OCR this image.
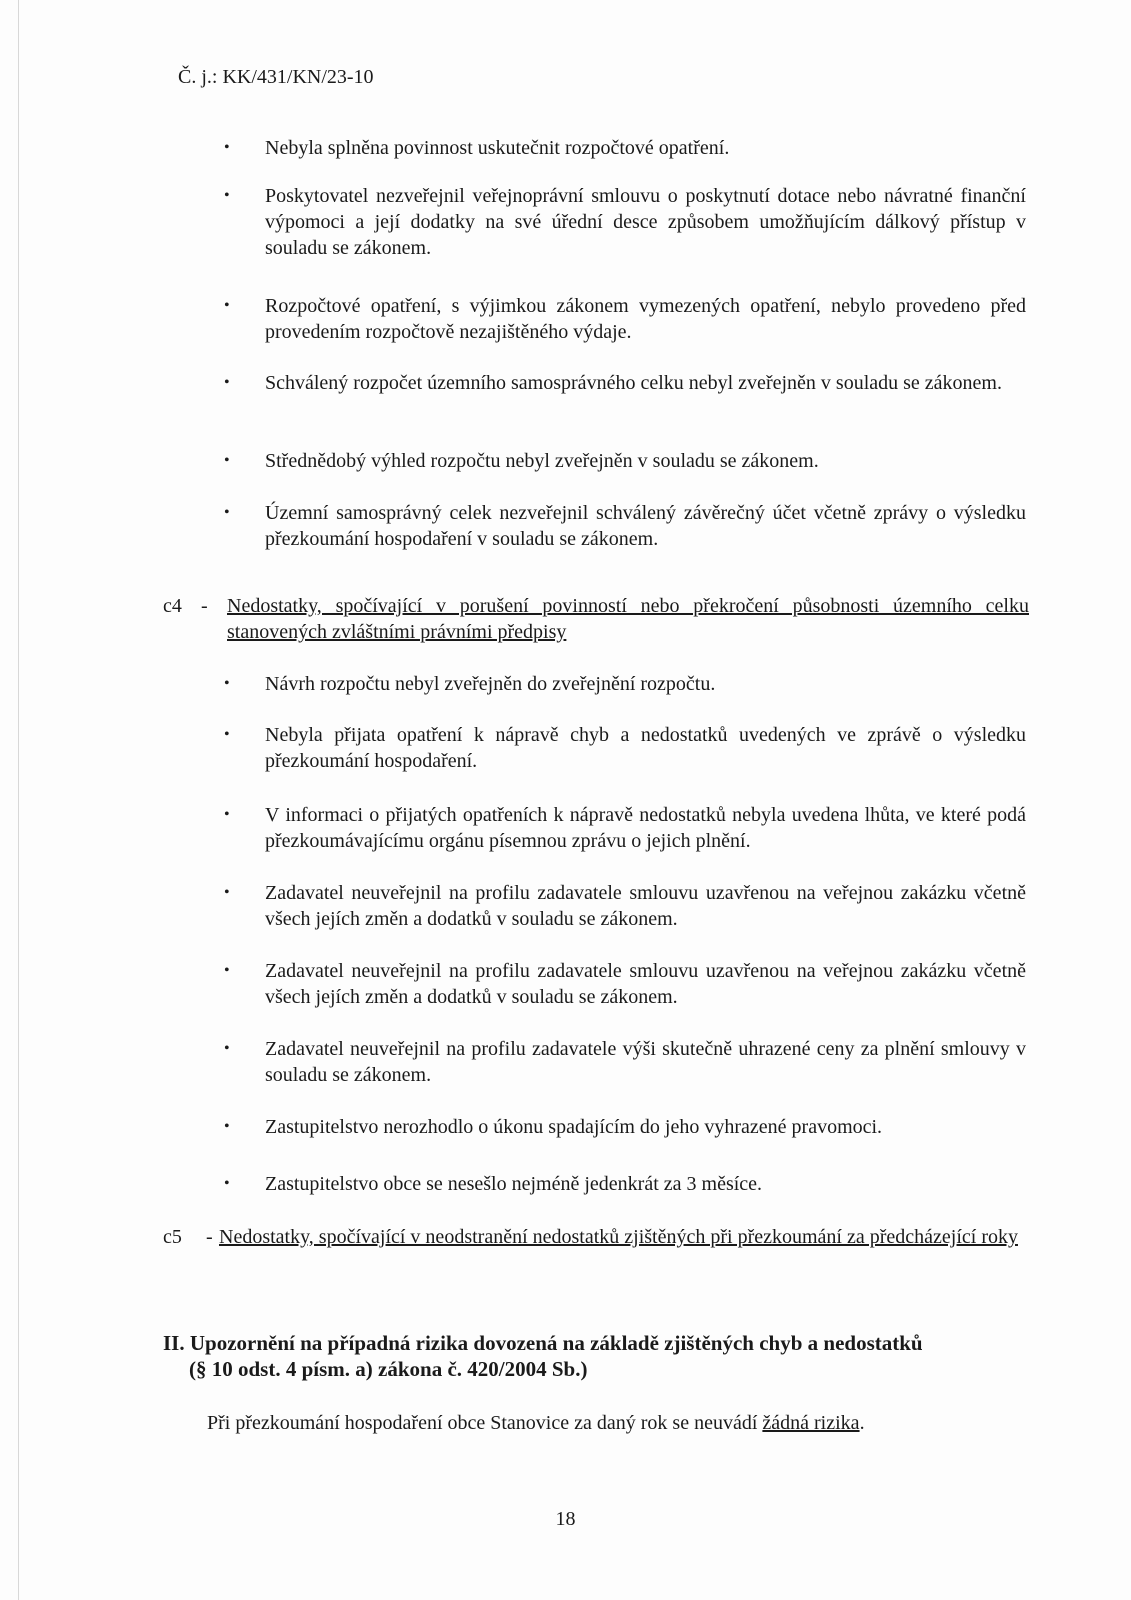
Č. j.: KK/431/KN/23-10
• Nebyla splněna povinnost uskutečnit rozpočtové opatření.
• Poskytovatel nezveřejnil veřejnoprávní smlouvu o poskytnutí dotace nebo návratné finanční výpomoci a její dodatky na své úřední desce způsobem umožňujícím dálkový přístup v souladu se zákonem.
• Rozpočtové opatření, s výjimkou zákonem vymezených opatření, nebylo provedeno před provedením rozpočtově nezajištěného výdaje.
• Schválený rozpočet územního samosprávného celku nebyl zveřejněn v souladu se zákonem.
• Střednědobý výhled rozpočtu nebyl zveřejněn v souladu se zákonem.
• Územní samosprávný celek nezveřejnil schválený závěrečný účet včetně zprávy o výsledku přezkoumání hospodaření v souladu se zákonem.
c4 - Nedostatky, spočívající v porušení povinností nebo překročení působnosti územního celku stanovených zvláštními právními předpisy
• Návrh rozpočtu nebyl zveřejněn do zveřejnění rozpočtu.
• Nebyla přijata opatření k nápravě chyb a nedostatků uvedených ve zprávě o výsledku přezkoumání hospodaření.
• V informaci o přijatých opatřeních k nápravě nedostatků nebyla uvedena lhůta, ve které podá přezkoumávajícímu orgánu písemnou zprávu o jejich plnění.
• Zadavatel neuveřejnil na profilu zadavatele smlouvu uzavřenou na veřejnou zakázku včetně všech jejích změn a dodatků v souladu se zákonem.
• Zadavatel neuveřejnil na profilu zadavatele smlouvu uzavřenou na veřejnou zakázku včetně všech jejích změn a dodatků v souladu se zákonem.
• Zadavatel neuveřejnil na profilu zadavatele výši skutečně uhrazené ceny za plnění smlouvy v souladu se zákonem.
• Zastupitelstvo nerozhodlo o úkonu spadajícím do jeho vyhrazené pravomoci.
• Zastupitelstvo obce se nesešlo nejméně jedenkrát za 3 měsíce.
c5 - Nedostatky, spočívající v neodstranění nedostatků zjištěných při přezkoumání za předcházející roky
II. Upozornění na případná rizika dovozená na základě zjištěných chyb a nedostatků
(§ 10 odst. 4 písm. a) zákona č. 420/2004 Sb.)
Při přezkoumání hospodaření obce Stanovice za daný rok se neuvádí žádná rizika.
18
